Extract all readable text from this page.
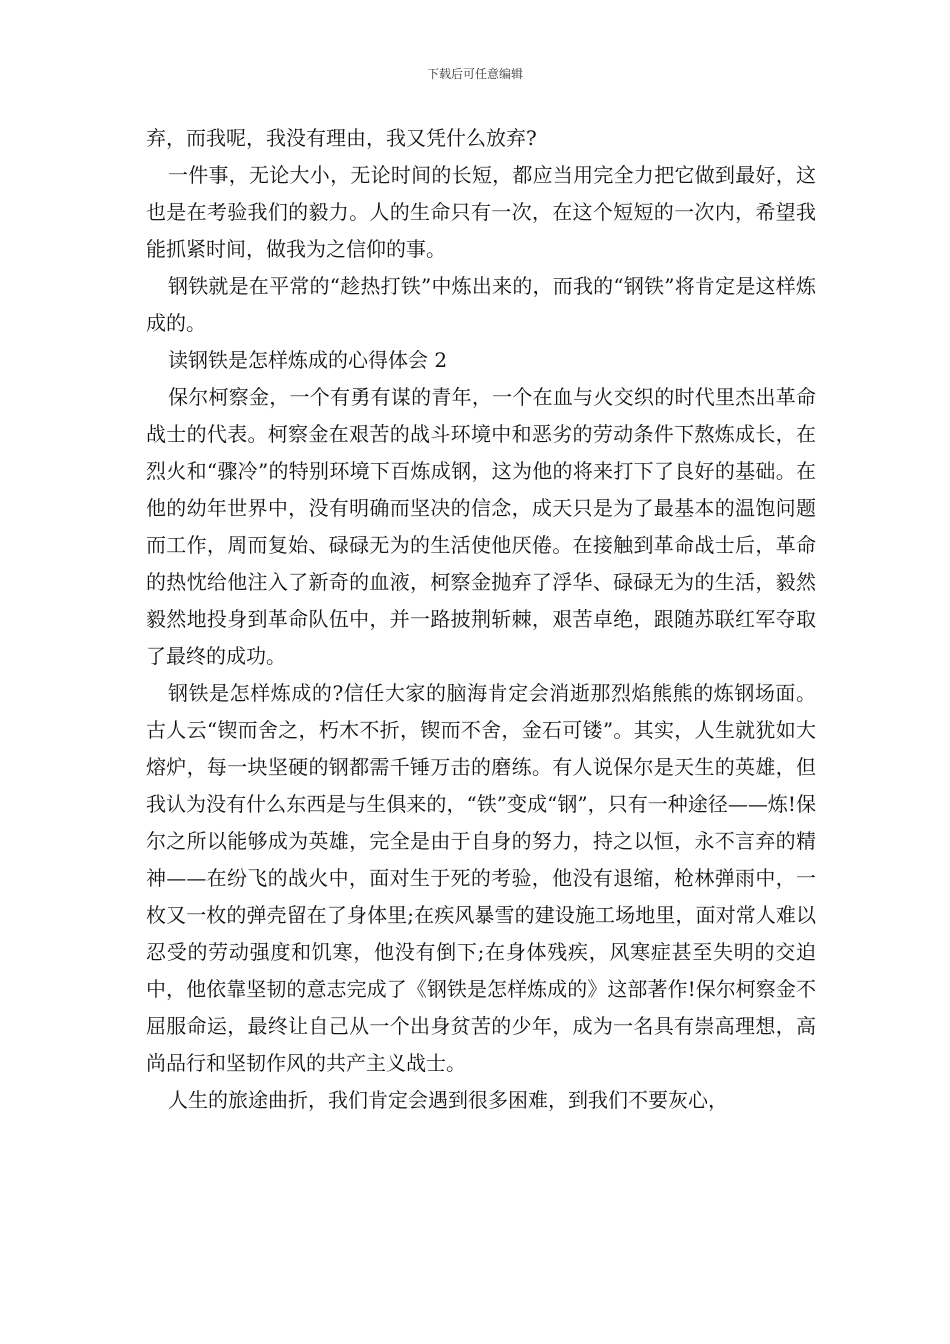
下载后可任意编辑

弃，而我呢，我没有理由，我又凭什么放弃?

一件事，无论大小，无论时间的长短，都应当用完全力把它做到最好，这也是在考验我们的毅力。人的生命只有一次，在这个短短的一次内，希望我能抓紧时间，做我为之信仰的事。

钢铁就是在平常的“趁热打铁”中炼出来的，而我的“钢铁”将肯定是这样炼成的。

读钢铁是怎样炼成的心得体会 2

保尔柯察金，一个有勇有谋的青年，一个在血与火交织的时代里杰出革命战士的代表。柯察金在艰苦的战斗环境中和恶劣的劳动条件下熬炼成长，在烈火和“骤冷”的特别环境下百炼成钢，这为他的将来打下了良好的基础。在他的幼年世界中，没有明确而坚决的信念，成天只是为了最基本的温饱问题而工作，周而复始、碌碌无为的生活使他厌倦。在接触到革命战士后，革命的热忱给他注入了新奇的血液，柯察金抛弃了浮华、碌碌无为的生活，毅然毅然地投身到革命队伍中，并一路披荆斩棘，艰苦卓绝，跟随苏联红军夺取了最终的成功。

钢铁是怎样炼成的?信任大家的脑海肯定会消逝那烈焰熊熊的炼钢场面。古人云“锲而舍之，朽木不折，锲而不舍，金石可镂”。其实，人生就犹如大熔炉，每一块坚硬的钢都需千锤万击的磨练。有人说保尔是天生的英雄，但我认为没有什么东西是与生俱来的，“铁”变成“钢”，只有一种途径——炼!保尔之所以能够成为英雄，完全是由于自身的努力，持之以恒，永不言弃的精神——在纷飞的战火中，面对生于死的考验，他没有退缩，枪林弹雨中，一枚又一枚的弹壳留在了身体里;在疾风暴雪的建设施工场地里，面对常人难以忍受的劳动强度和饥寒，他没有倒下;在身体残疾，风寒症甚至失明的交迫中，他依靠坚韧的意志完成了《钢铁是怎样炼成的》这部著作!保尔柯察金不屈服命运，最终让自己从一个出身贫苦的少年，成为一名具有崇高理想，高尚品行和坚韧作风的共产主义战士。

人生的旅途曲折，我们肯定会遇到很多困难，到我们不要灰心，
